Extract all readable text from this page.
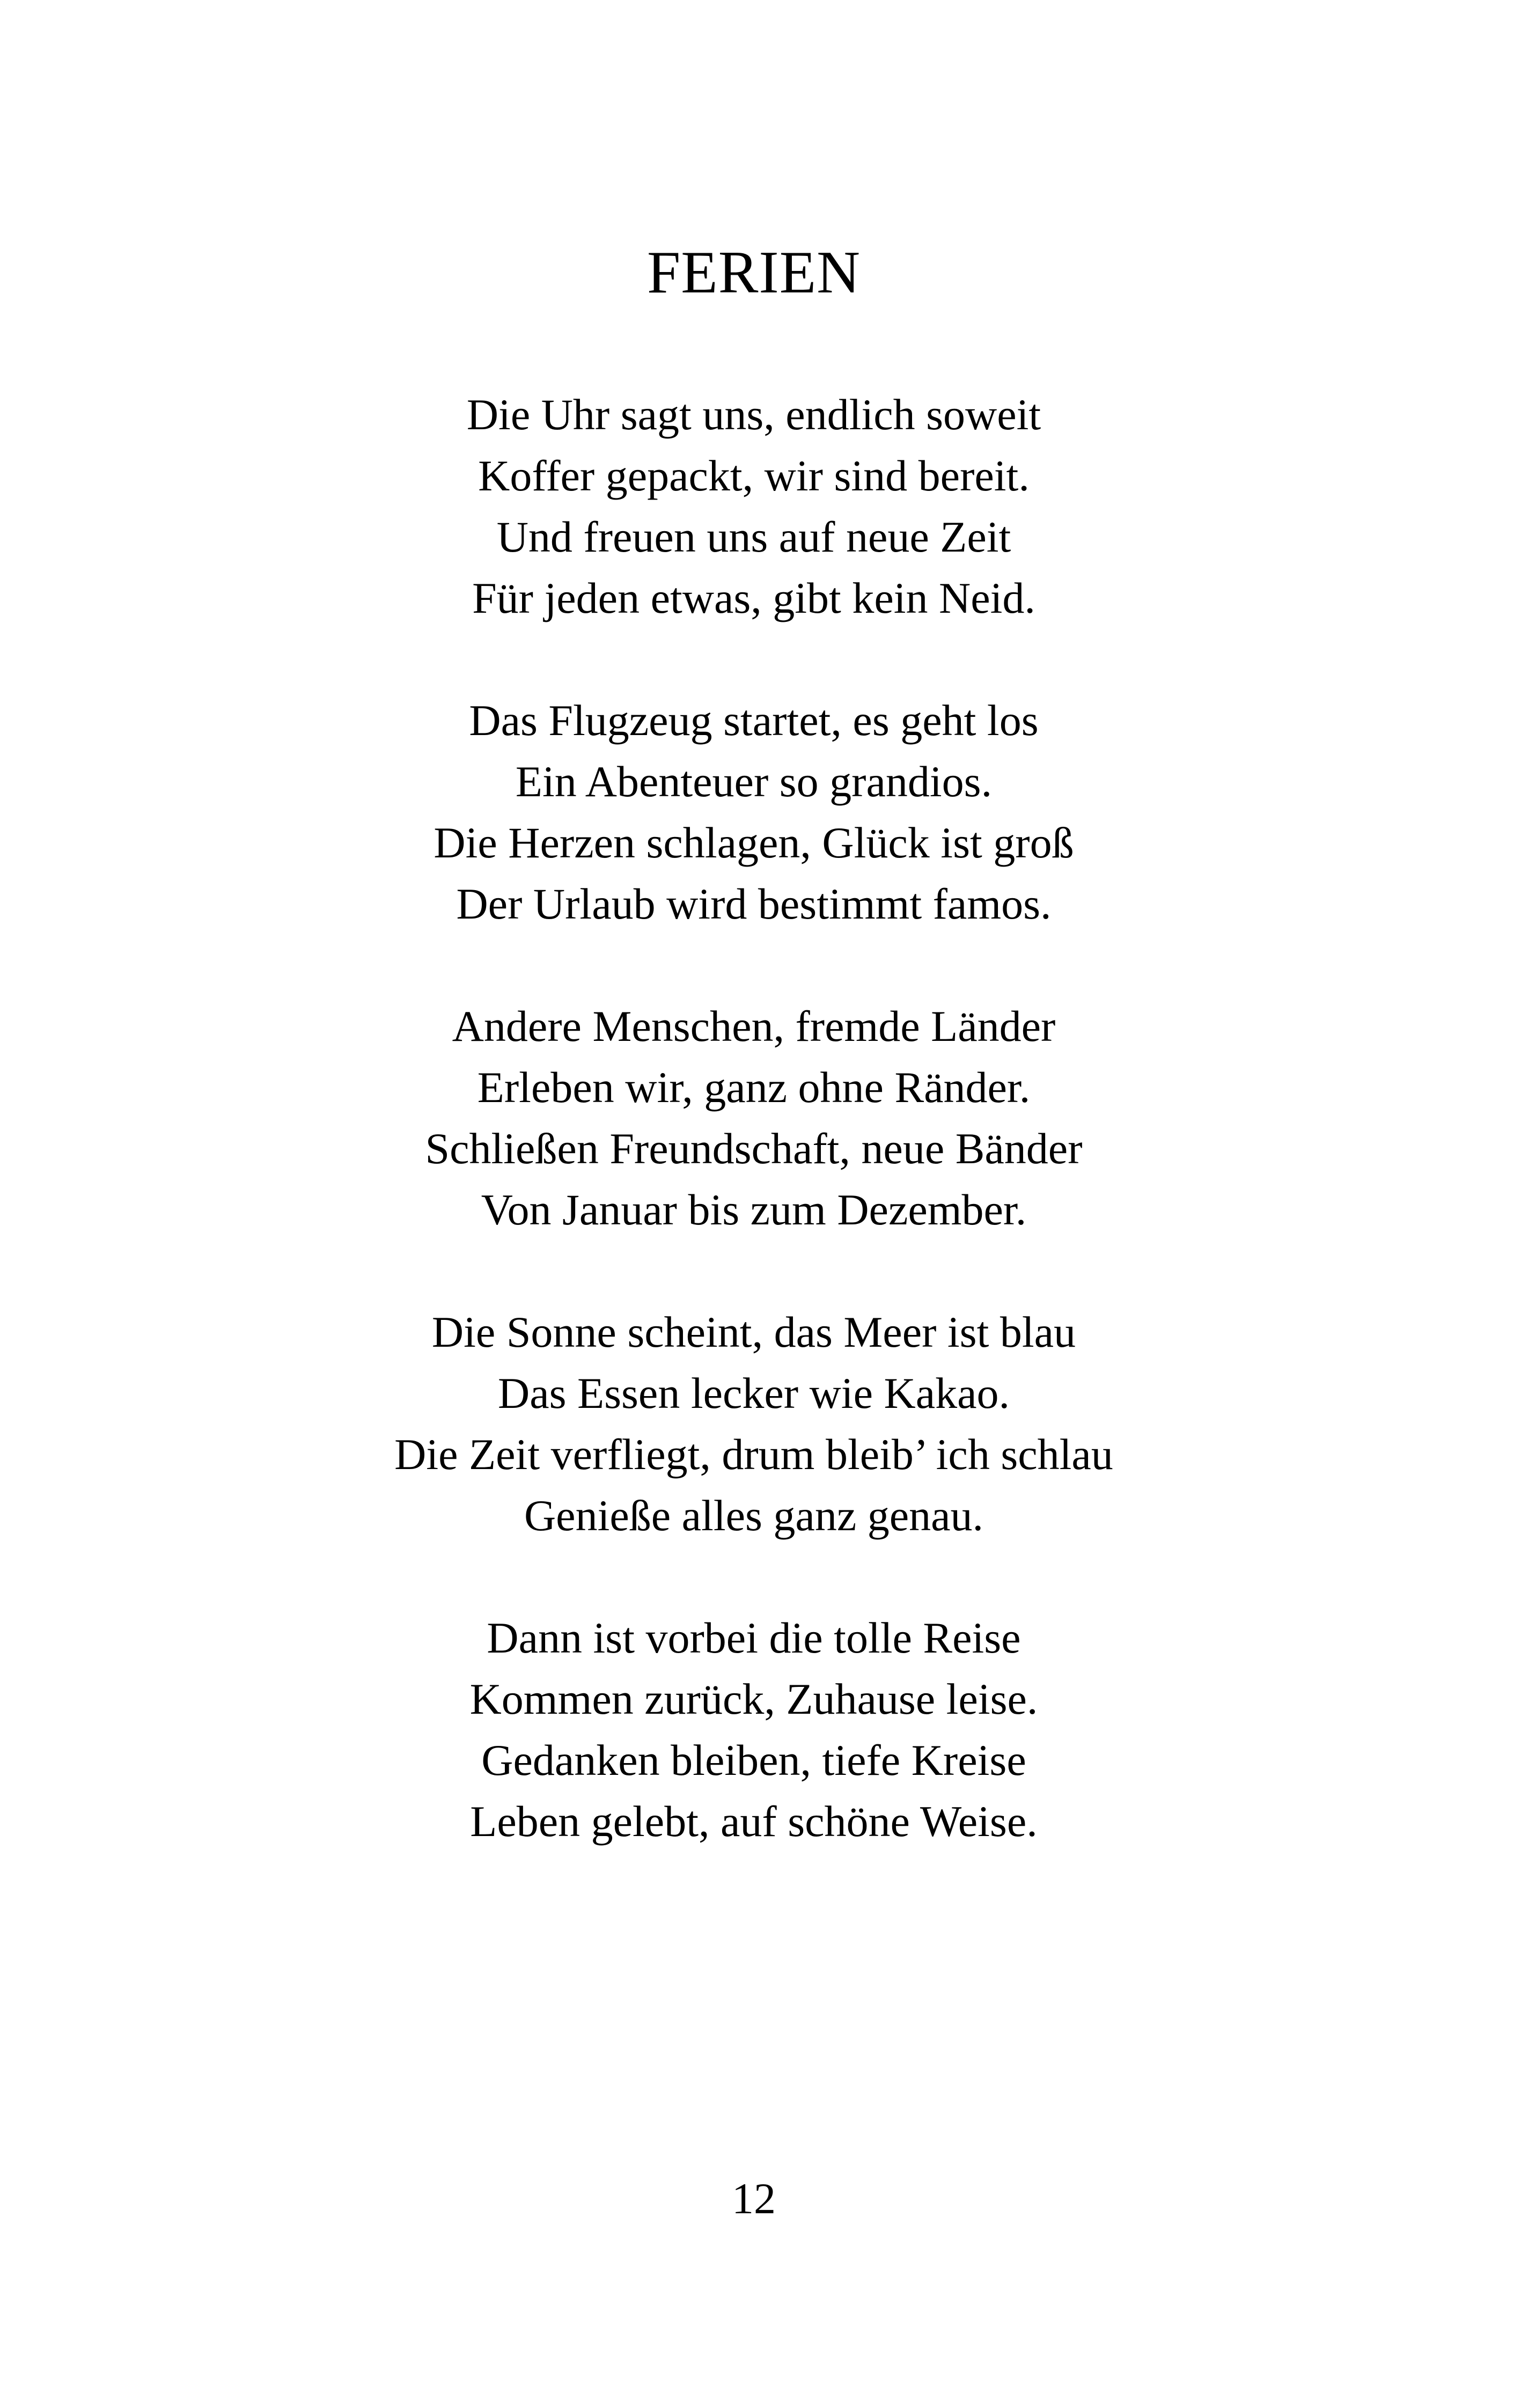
FERIEN
Die Uhr sagt uns, endlich soweit
Koffer gepackt, wir sind bereit.
Und freuen uns auf neue Zeit
Für jeden etwas, gibt kein Neid.
Das Flugzeug startet, es geht los
Ein Abenteuer so grandios.
Die Herzen schlagen, Glück ist groß
Der Urlaub wird bestimmt famos.
Andere Menschen, fremde Länder
Erleben wir, ganz ohne Ränder.
Schließen Freundschaft, neue Bänder
Von Januar bis zum Dezember.
Die Sonne scheint, das Meer ist blau
Das Essen lecker wie Kakao.
Die Zeit verfliegt, drum bleib’ ich schlau
Genieße alles ganz genau.
Dann ist vorbei die tolle Reise
Kommen zurück, Zuhause leise.
Gedanken bleiben, tiefe Kreise
Leben gelebt, auf schöne Weise.
12
